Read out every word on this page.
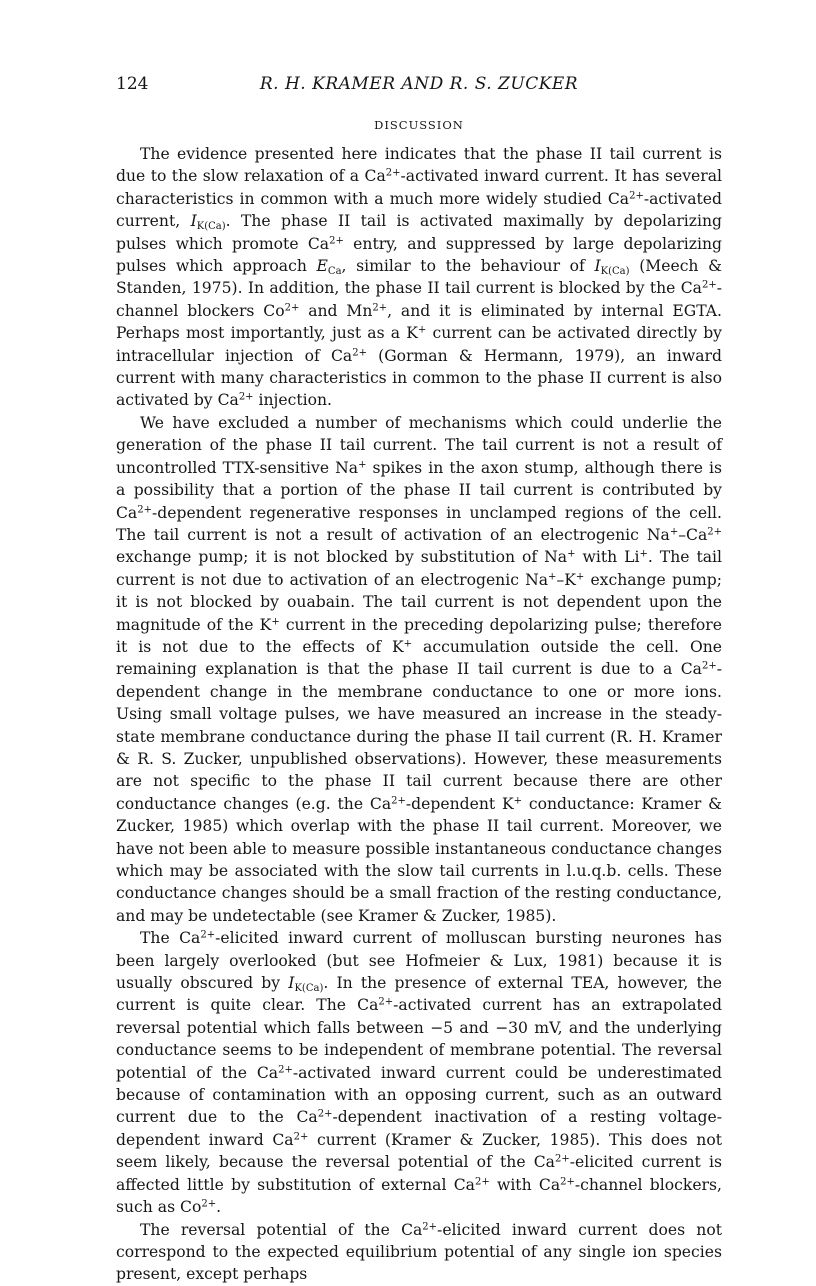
124	R. H. KRAMER AND R. S. ZUCKER
DISCUSSION

The evidence presented here indicates that the phase II tail current is due to the slow relaxation of a $Ca^{2+}$-activated inward current. It has several characteristics in common with a much more widely studied $Ca^{2+}$-activated current, $I_{K(Ca)}$. The phase II tail is activated maximally by depolarizing pulses which promote $Ca^{2+}$ entry, and suppressed by large depolarizing pulses which approach $E_{Ca}$, similar to the behaviour of $I_{K(Ca)}$ (Meech & Standen, 1975). In addition, the phase II tail current is blocked by the $Ca^{2+}$-channel blockers $Co^{2+}$ and $Mn^{2+}$, and it is eliminated by internal EGTA. Perhaps most importantly, just as a K+ current can be activated directly by intracellular injection of $Ca^{2+}$ (Gorman & Hermann, 1979), an inward current with many characteristics in common to the phase II current is also activated by $Ca^{2+}$ injection.

We have excluded a number of mechanisms which could underlie the generation of the phase II tail current. The tail current is not a result of uncontrolled TTX-sensitive Na+ spikes in the axon stump, although there is a possibility that a portion of the phase II tail current is contributed by $Ca^{2+}$-dependent regenerative responses in unclamped regions of the cell. The tail current is not a result of activation of an electrogenic $Na^+-Ca^{2+}$ exchange pump; it is not blocked by substitution of Na+ with Li+. The tail current is not due to activation of an electrogenic Na+–K+ exchange pump; it is not blocked by ouabain. The tail current is not dependent upon the magnitude of the K+ current in the preceding depolarizing pulse; therefore it is not due to the effects of K+ accumulation outside the cell. One remaining explanation is that the phase II tail current is due to a $Ca^{2+}$-dependent change in the membrane conductance to one or more ions. Using small voltage pulses, we have measured an increase in the steady-state membrane conductance during the phase II tail current (R. H. Kramer & R. S. Zucker, unpublished observations). However, these measurements are not specific to the phase II tail current because there are other conductance changes (e.g. the $Ca^{2+}$-dependent K+ conductance: Kramer & Zucker, 1985) which overlap with the phase II tail current. Moreover, we have not been able to measure possible instantaneous conductance changes which may be associated with the slow tail currents in l.u.q.b. cells. These conductance changes should be a small fraction of the resting conductance, and may be undetectable (see Kramer & Zucker, 1985).

The $Ca^{2+}$-elicited inward current of molluscan bursting neurones has been largely overlooked (but see Hofmeier & Lux, 1981) because it is usually obscured by $I_{K(Ca)}$. In the presence of external TEA, however, the current is quite clear. The $Ca^{2+}$-activated current has an extrapolated reversal potential which falls between −5 and −30 mV, and the underlying conductance seems to be independent of membrane potential. The reversal potential of the $Ca^{2+}$-activated inward current could be underestimated because of contamination with an opposing current, such as an outward current due to the $Ca^{2+}$-dependent inactivation of a resting voltage-dependent inward $Ca^{2+}$ current (Kramer & Zucker, 1985). This does not seem likely, because the reversal potential of the $Ca^{2+}$-elicited current is affected little by substitution of external $Ca^{2+}$ with $Ca^{2+}$-channel blockers, such as $Co^{2+}$.

The reversal potential of the $Ca^{2+}$-elicited inward current does not correspond to the expected equilibrium potential of any single ion species present, except perhaps
